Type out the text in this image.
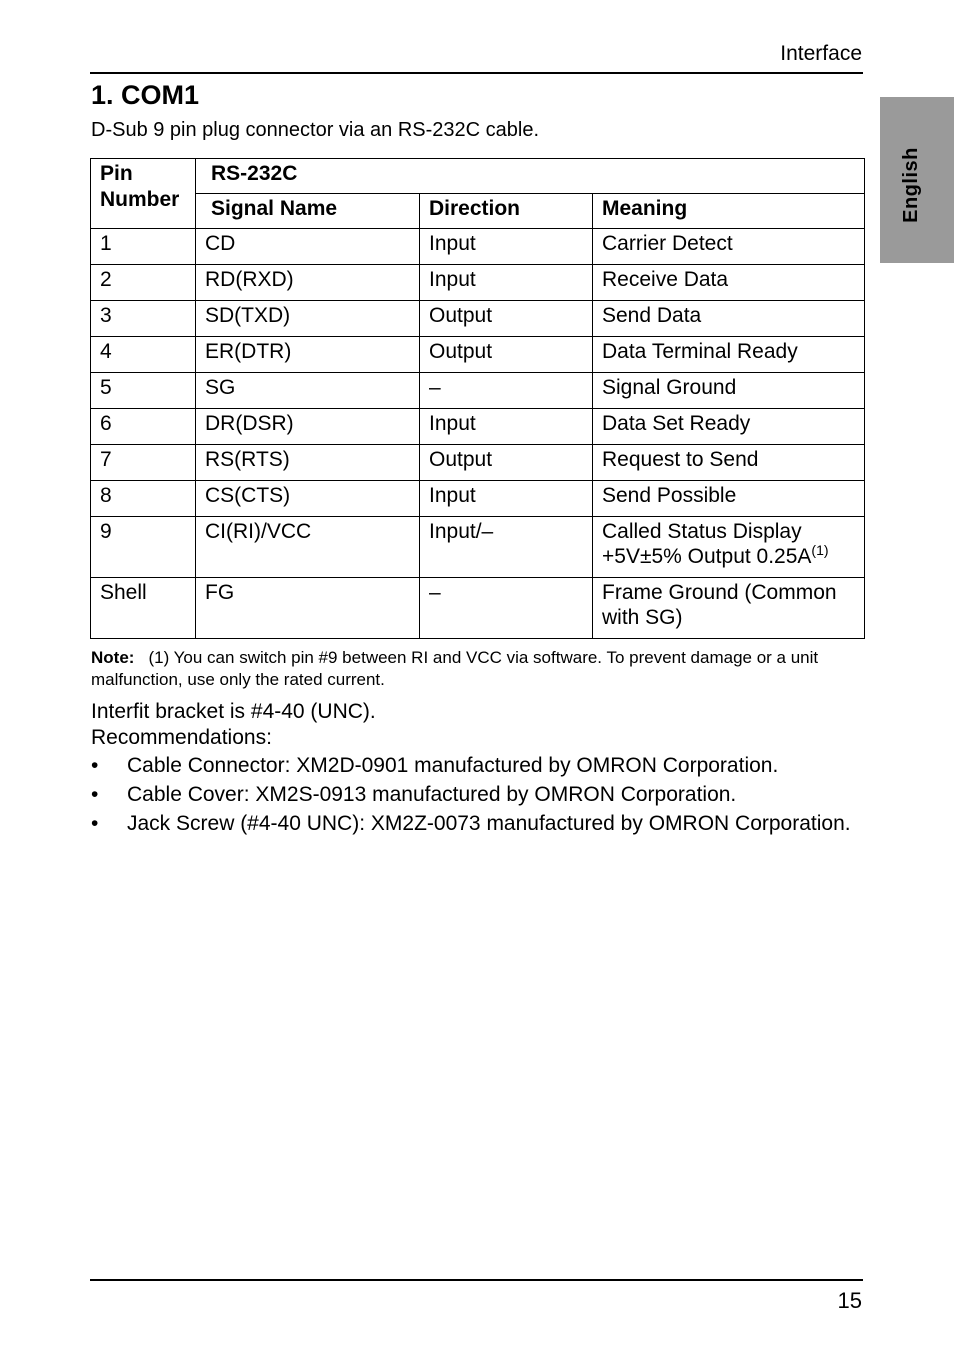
Interface
English
1. COM1
D-Sub 9 pin plug connector via an RS-232C cable.
Pin Number	RS-232C		
	Signal Name	Direction	Meaning
1	CD	Input	Carrier Detect

2	RD(RXD)	Input	Receive Data

3	SD(TXD)	Output	Send Data

4	ER(DTR)	Output	Data Terminal Ready

5	SG	–	Signal Ground

6	DR(DSR)	Input	Data Set Ready

7	RS(RTS)	Output	Request to Send

8	CS(CTS)	Input	Send Possible

9	CI(RI)/VCC	Input/–	Called Status Display
+5V±5% Output $0.25A^{(1)}$

Shell	FG	–	Frame Ground (Common
with SG)
Note: (1) You can switch pin #9 between RI and VCC via software. To prevent damage or a unit malfunction, use only the rated current.
Interfit bracket is #4-40 (UNC).
Recommendations:
• Cable Connector: XM2D-0901 manufactured by OMRON Corporation.
• Cable Cover: XM2S-0913 manufactured by OMRON Corporation.
• Jack Screw (#4-40 UNC): XM2Z-0073 manufactured by OMRON Corporation.
15
